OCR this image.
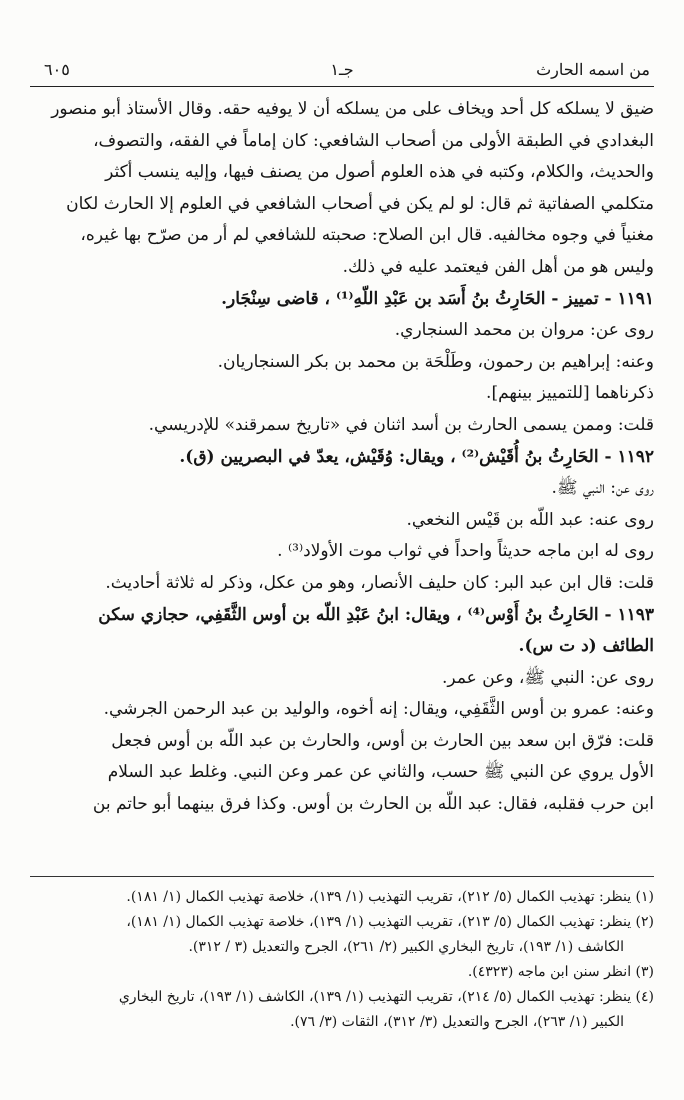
من اسمه الحارث
جـ١
٦٠٥

ضيق لا يسلكه كل أحد ويخاف على من يسلكه أن لا يوفيه حقه. وقال الأستاذ أبو منصور

البغدادي في الطبقة الأولى من أصحاب الشافعي: كان إماماً في الفقه، والتصوف،

والحديث، والكلام، وكتبه في هذه العلوم أصول من يصنف فيها، وإليه ينسب أكثر

متكلمي الصفاتية ثم قال: لو لم يكن في أصحاب الشافعي في العلوم إلا الحارث لكان

مغنياً في وجوه مخالفيه. قال ابن الصلاح: صحبته للشافعي لم أر من صرّح بها غيره،

وليس هو من أهل الفن فيعتمد عليه في ذلك.

١١٩١ - تمييز - الحَارِثُ بنُ أَسَد بن عَبْدِ اللّهِ⁽¹⁾ ، قاضى سِنْجَار.

روى عن: مروان بن محمد السنجاري.

وعنه: إبراهيم بن رحمون، وطَلْحَة بن محمد بن بكر السنجاريان.

ذكرناهما [للتمييز بينهم].

قلت: وممن يسمى الحارث بن أسد اثنان في «تاريخ سمرقند» للإدريسي.

١١٩٢ - الحَارِثُ بنُ أُقَيْش⁽²⁾ ، ويقال: وُقَيْش، يعدّ في البصريين (ق).

روى عن: النبي ﷺ.

روى عنه: عبد اللّه بن قَيْس النخعي.

روى له ابن ماجه حديثاً واحداً في ثواب موت الأولاد⁽³⁾ .

قلت: قال ابن عبد البر: كان حليف الأنصار، وهو من عكل، وذكر له ثلاثة أحاديث.

١١٩٣ - الحَارِثُ بنُ أَوْس⁽⁴⁾ ، ويقال: ابنُ عَبْدِ اللّه بن أوس الثَّقَفِي، حجازي سكن

الطائف (د ت س).

روى عن: النبي ﷺ، وعن عمر.

وعنه: عمرو بن أوس الثَّقَفِي، ويقال: إنه أخوه، والوليد بن عبد الرحمن الجرشي.

قلت: فرّق ابن سعد بين الحارث بن أوس، والحارث بن عبد اللّه بن أوس فجعل

الأول يروي عن النبي ﷺ حسب، والثاني عن عمر وعن النبي. وغلط عبد السلام

ابن حرب فقلبه، فقال: عبد اللّه بن الحارث بن أوس. وكذا فرق بينهما أبو حاتم بن

(١) ينظر: تهذيب الكمال (٥/ ٢١٢)، تقريب التهذيب (١/ ١٣٩)، خلاصة تهذيب الكمال (١/ ١٨١).

(٢) ينظر: تهذيب الكمال (٥/ ٢١٣)، تقريب التهذيب (١/ ١٣٩)، خلاصة تهذيب الكمال (١/ ١٨١)،

الكاشف (١/ ١٩٣)، تاريخ البخاري الكبير (٢/ ٢٦١)، الجرح والتعديل (٣ / ٣١٢).

(٣) انظر سنن ابن ماجه (٤٣٢٣).

(٤) ينظر: تهذيب الكمال (٥/ ٢١٤)، تقريب التهذيب (١/ ١٣٩)، الكاشف (١/ ١٩٣)، تاريخ البخاري

الكبير (١/ ٢٦٣)، الجرح والتعديل (٣/ ٣١٢)، الثقات (٣/ ٧٦).
